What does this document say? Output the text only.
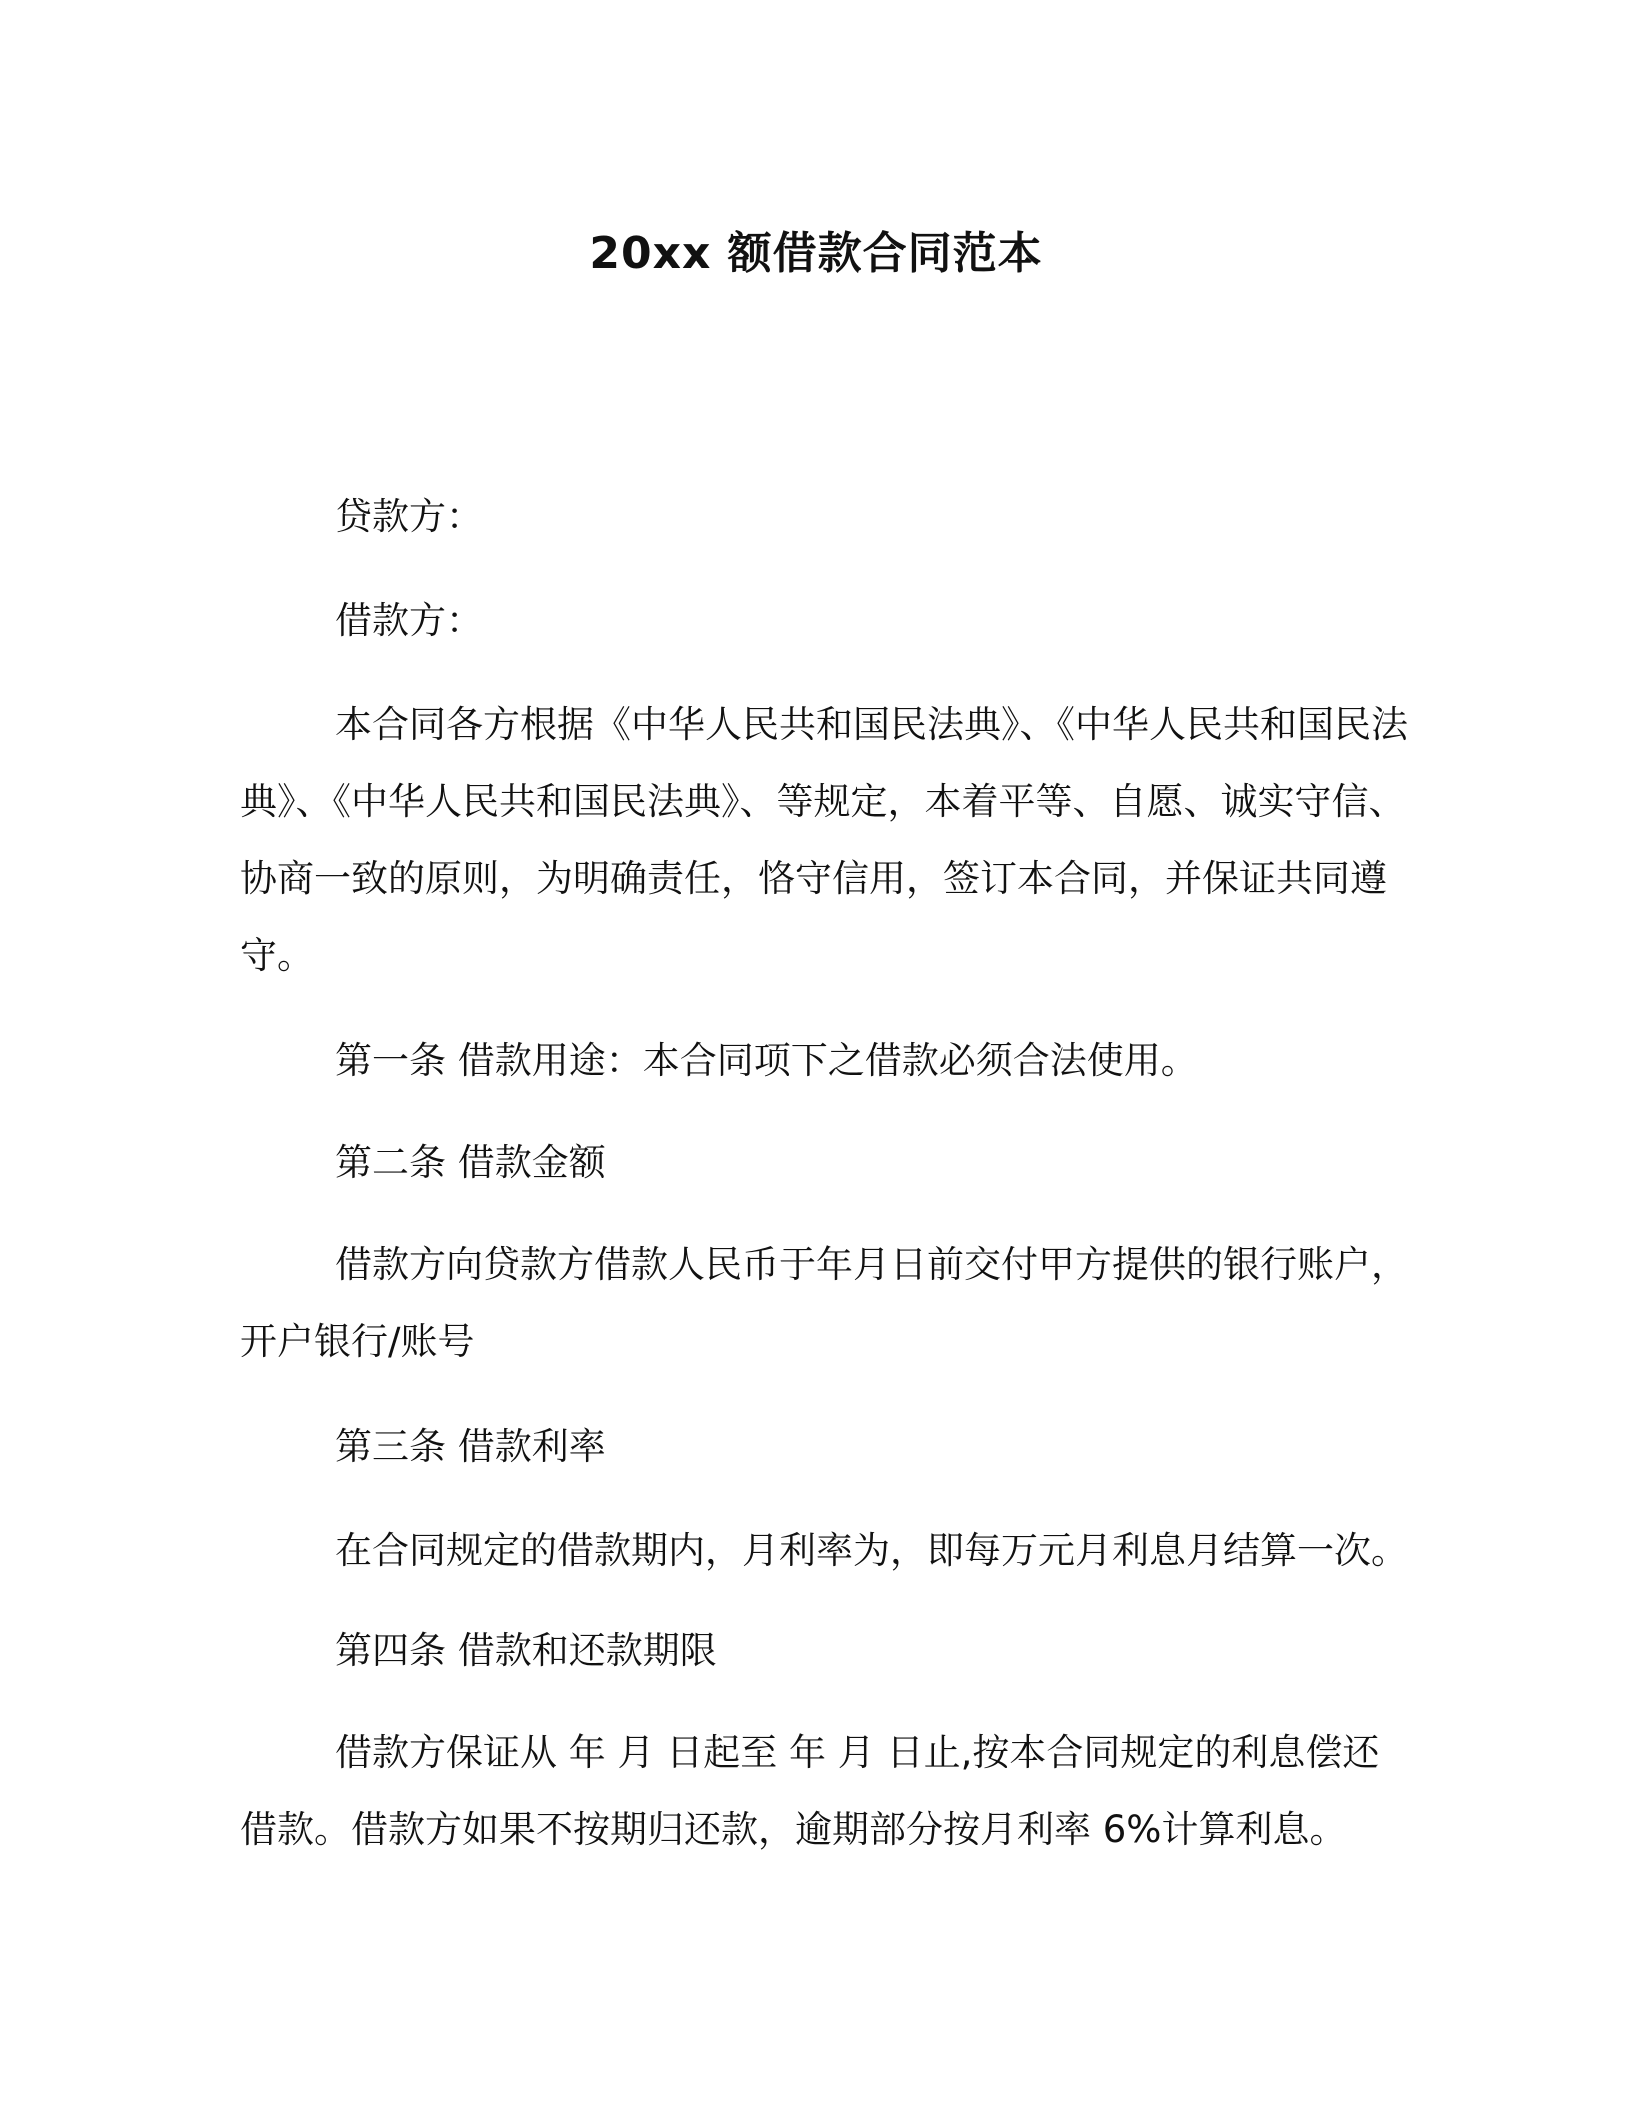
20xx 额借款合同范本

贷款方：

借款方：

本合同各方根据《中华人民共和国民法典》、《中华人民共和国民法典》、《中华人民共和国民法典》、等规定，本着平等、自愿、诚实守信、协商一致的原则，为明确责任，恪守信用，签订本合同，并保证共同遵守。

第一条 借款用途：本合同项下之借款必须合法使用。

第二条 借款金额

借款方向贷款方借款人民币于年月日前交付甲方提供的银行账户，开户银行/账号

第三条 借款利率

在合同规定的借款期内，月利率为，即每万元月利息月结算一次。

第四条 借款和还款期限

借款方保证从 年 月 日起至 年 月 日止,按本合同规定的利息偿还借款。借款方如果不按期归还款，逾期部分按月利率 6%计算利息。
